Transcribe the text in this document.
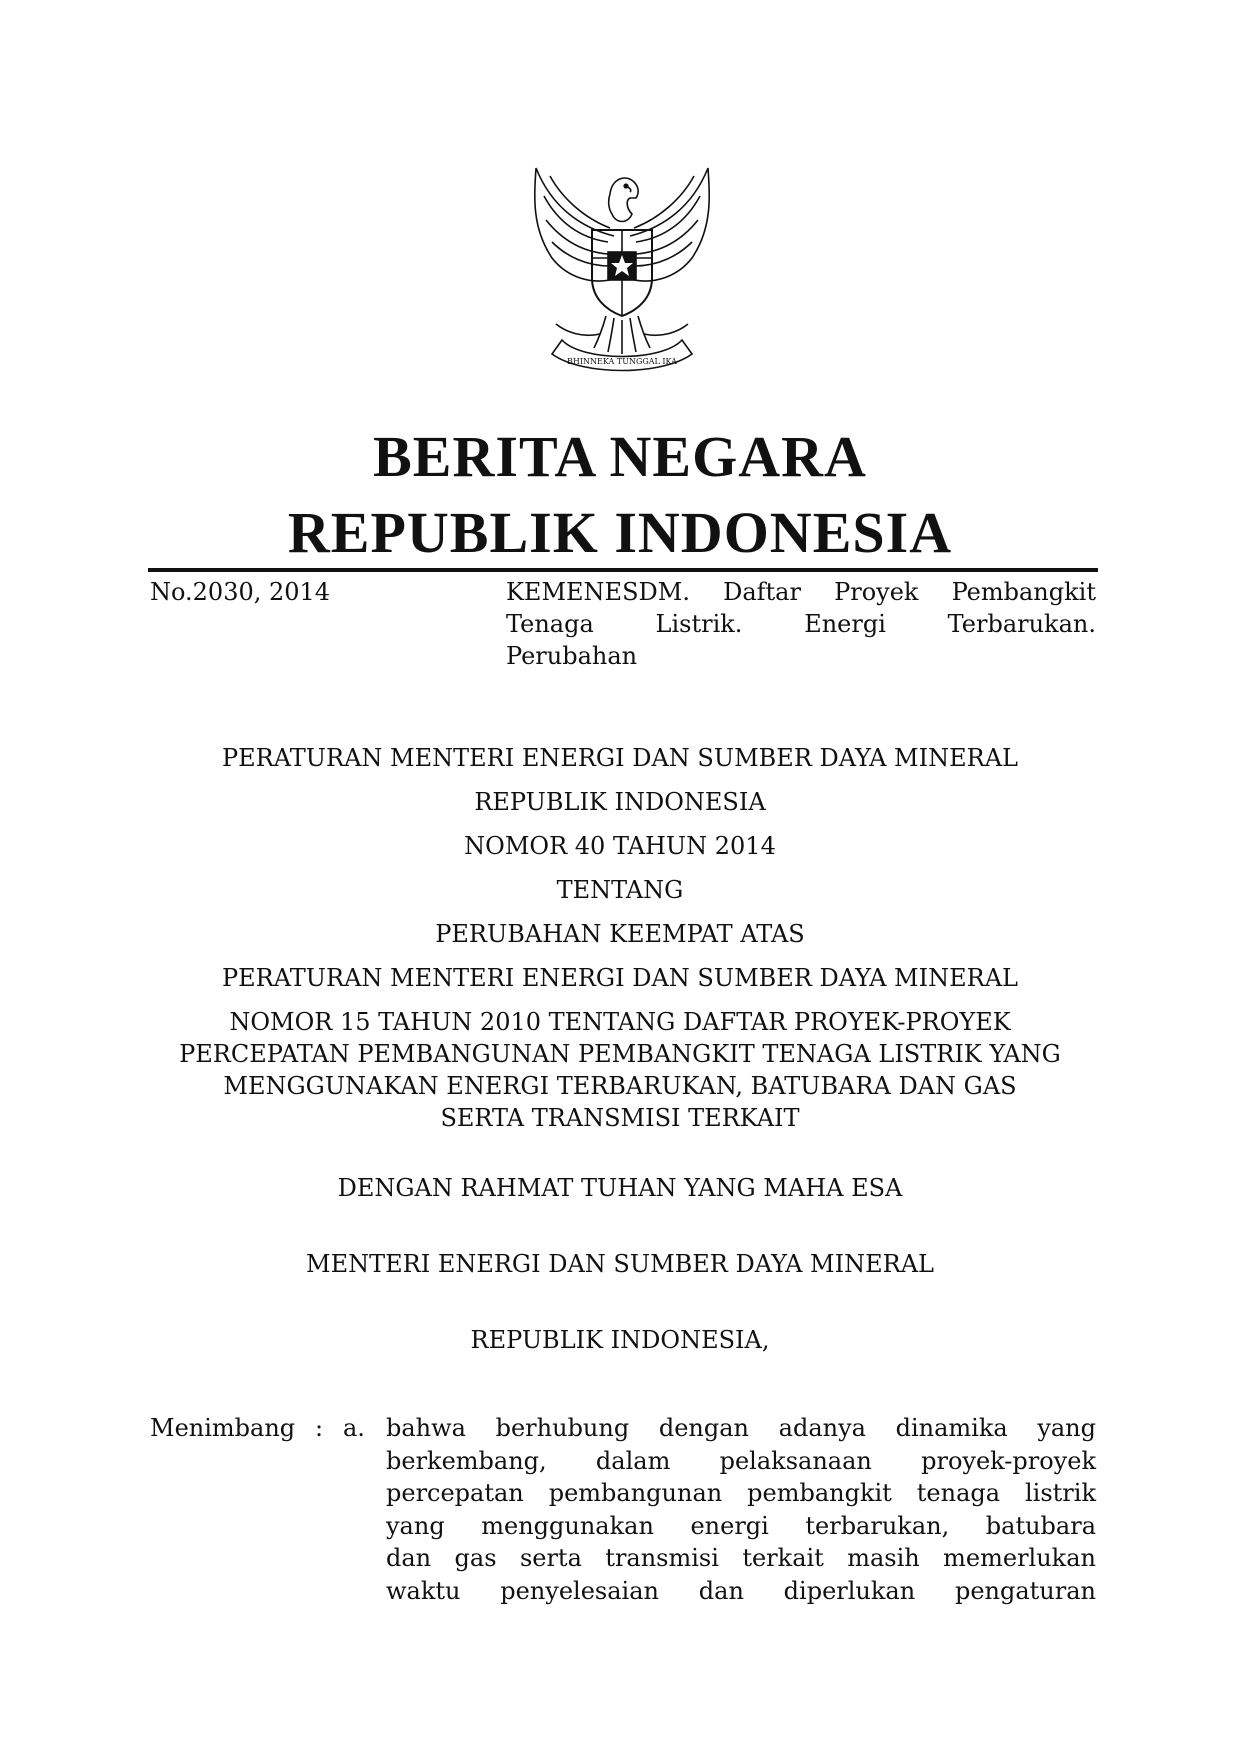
BHINNEKA TUNGGAL IKA
BERITA NEGARA
REPUBLIK INDONESIA
No.2030, 2014	KEMENESDM. Daftar Proyek Pembangkit
Tenaga Listrik. Energi Terbarukan.
Perubahan
PERATURAN MENTERI ENERGI DAN SUMBER DAYA MINERAL
REPUBLIK INDONESIA
NOMOR 40 TAHUN 2014
TENTANG
PERUBAHAN KEEMPAT ATAS
PERATURAN MENTERI ENERGI DAN SUMBER DAYA MINERAL
NOMOR 15 TAHUN 2010 TENTANG DAFTAR PROYEK-PROYEK
PERCEPATAN PEMBANGUNAN PEMBANGKIT TENAGA LISTRIK YANG
MENGGUNAKAN ENERGI TERBARUKAN, BATUBARA DAN GAS
SERTA TRANSMISI TERKAIT
DENGAN RAHMAT TUHAN YANG MAHA ESA
MENTERI ENERGI DAN SUMBER DAYA MINERAL
REPUBLIK INDONESIA,
Menimbang : a. bahwa berhubung dengan adanya dinamika yang
berkembang, dalam pelaksanaan proyek-proyek
percepatan pembangunan pembangkit tenaga listrik
yang menggunakan energi terbarukan, batubara
dan gas serta transmisi terkait masih memerlukan
waktu penyelesaian dan diperlukan pengaturan
